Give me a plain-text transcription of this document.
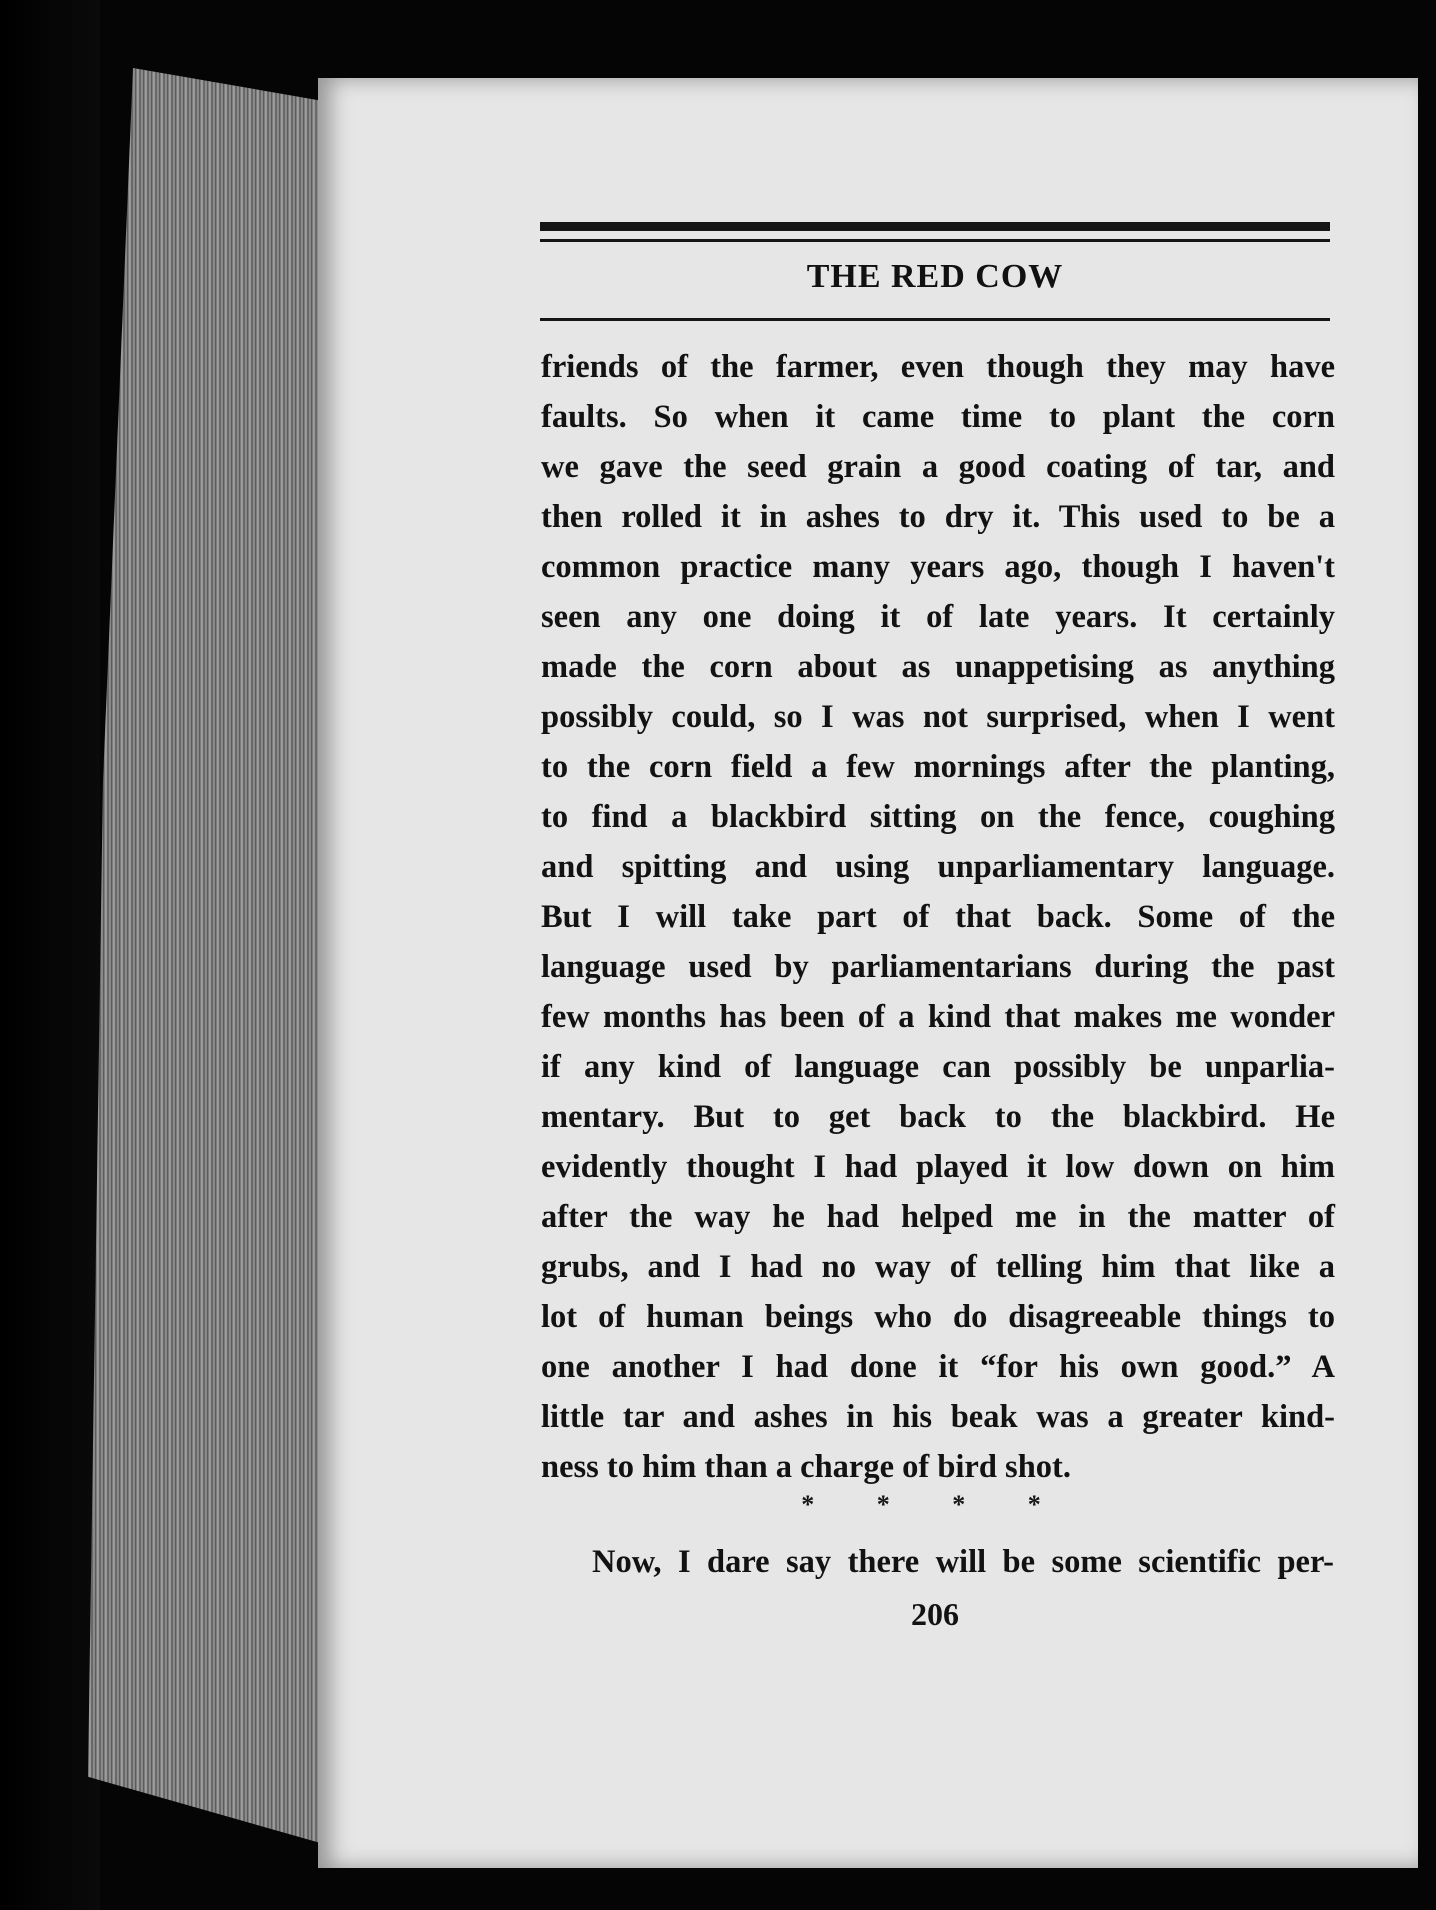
THE RED COW
friends of the farmer, even though they may have
faults. So when it came time to plant the corn
we gave the seed grain a good coating of tar, and
then rolled it in ashes to dry it. This used to be a
common practice many years ago, though I haven't
seen any one doing it of late years. It certainly
made the corn about as unappetising as anything
possibly could, so I was not surprised, when I went
to the corn field a few mornings after the planting,
to find a blackbird sitting on the fence, coughing
and spitting and using unparliamentary language.
But I will take part of that back. Some of the
language used by parliamentarians during the past
few months has been of a kind that makes me wonder
if any kind of language can possibly be unparlia-
mentary. But to get back to the blackbird. He
evidently thought I had played it low down on him
after the way he had helped me in the matter of
grubs, and I had no way of telling him that like a
lot of human beings who do disagreeable things to
one another I had done it “for his own good.” A
little tar and ashes in his beak was a greater kind-
ness to him than a charge of bird shot.
* * * *
Now, I dare say there will be some scientific per-
206
